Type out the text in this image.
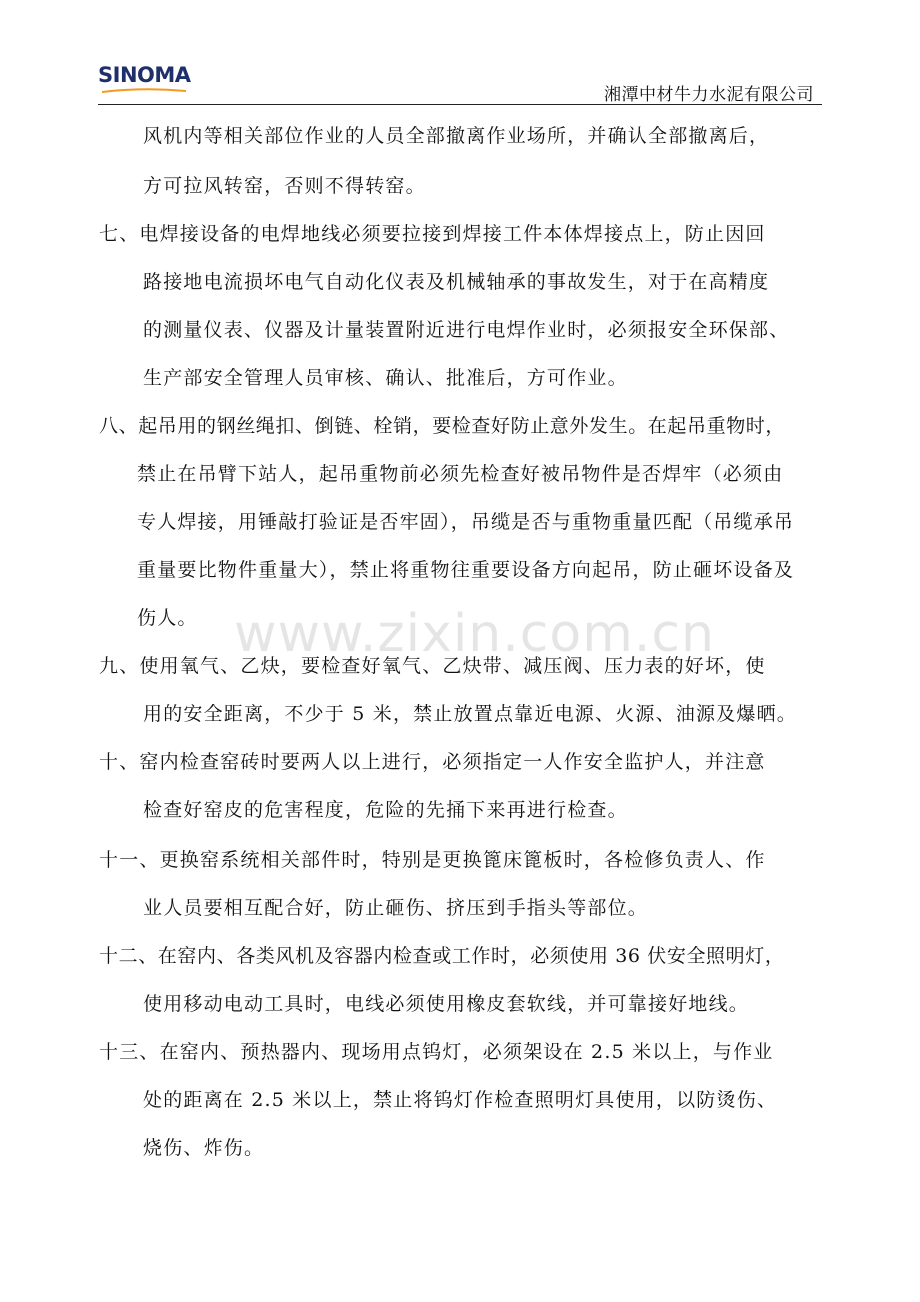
SINOMA
湘潭中材牛力水泥有限公司
风机内等相关部位作业的人员全部撤离作业场所，并确认全部撤离后，
方可拉风转窑，否则不得转窑。
七、电焊接设备的电焊地线必须要拉接到焊接工件本体焊接点上，防止因回
路接地电流损坏电气自动化仪表及机械轴承的事故发生，对于在高精度
的测量仪表、仪器及计量装置附近进行电焊作业时，必须报安全环保部、
生产部安全管理人员审核、确认、批准后，方可作业。
八、起吊用的钢丝绳扣、倒链、栓销，要检查好防止意外发生。在起吊重物时，
禁止在吊臂下站人，起吊重物前必须先检查好被吊物件是否焊牢（必须由
专人焊接，用锤敲打验证是否牢固），吊缆是否与重物重量匹配（吊缆承吊
重量要比物件重量大），禁止将重物往重要设备方向起吊，防止砸坏设备及
伤人。
九、使用氧气、乙炔，要检查好氧气、乙炔带、减压阀、压力表的好坏，使
用的安全距离，不少于 5 米，禁止放置点靠近电源、火源、油源及爆晒。
十、窑内检查窑砖时要两人以上进行，必须指定一人作安全监护人，并注意
检查好窑皮的危害程度，危险的先捅下来再进行检查。
十一、更换窑系统相关部件时，特别是更换篦床篦板时，各检修负责人、作
业人员要相互配合好，防止砸伤、挤压到手指头等部位。
十二、在窑内、各类风机及容器内检查或工作时，必须使用 36 伏安全照明灯，
使用移动电动工具时，电线必须使用橡皮套软线，并可靠接好地线。
十三、在窑内、预热器内、现场用点钨灯，必须架设在 2.5 米以上，与作业
处的距离在 2.5 米以上，禁止将钨灯作检查照明灯具使用，以防烫伤、
烧伤、炸伤。
www.zixin.com.cn
